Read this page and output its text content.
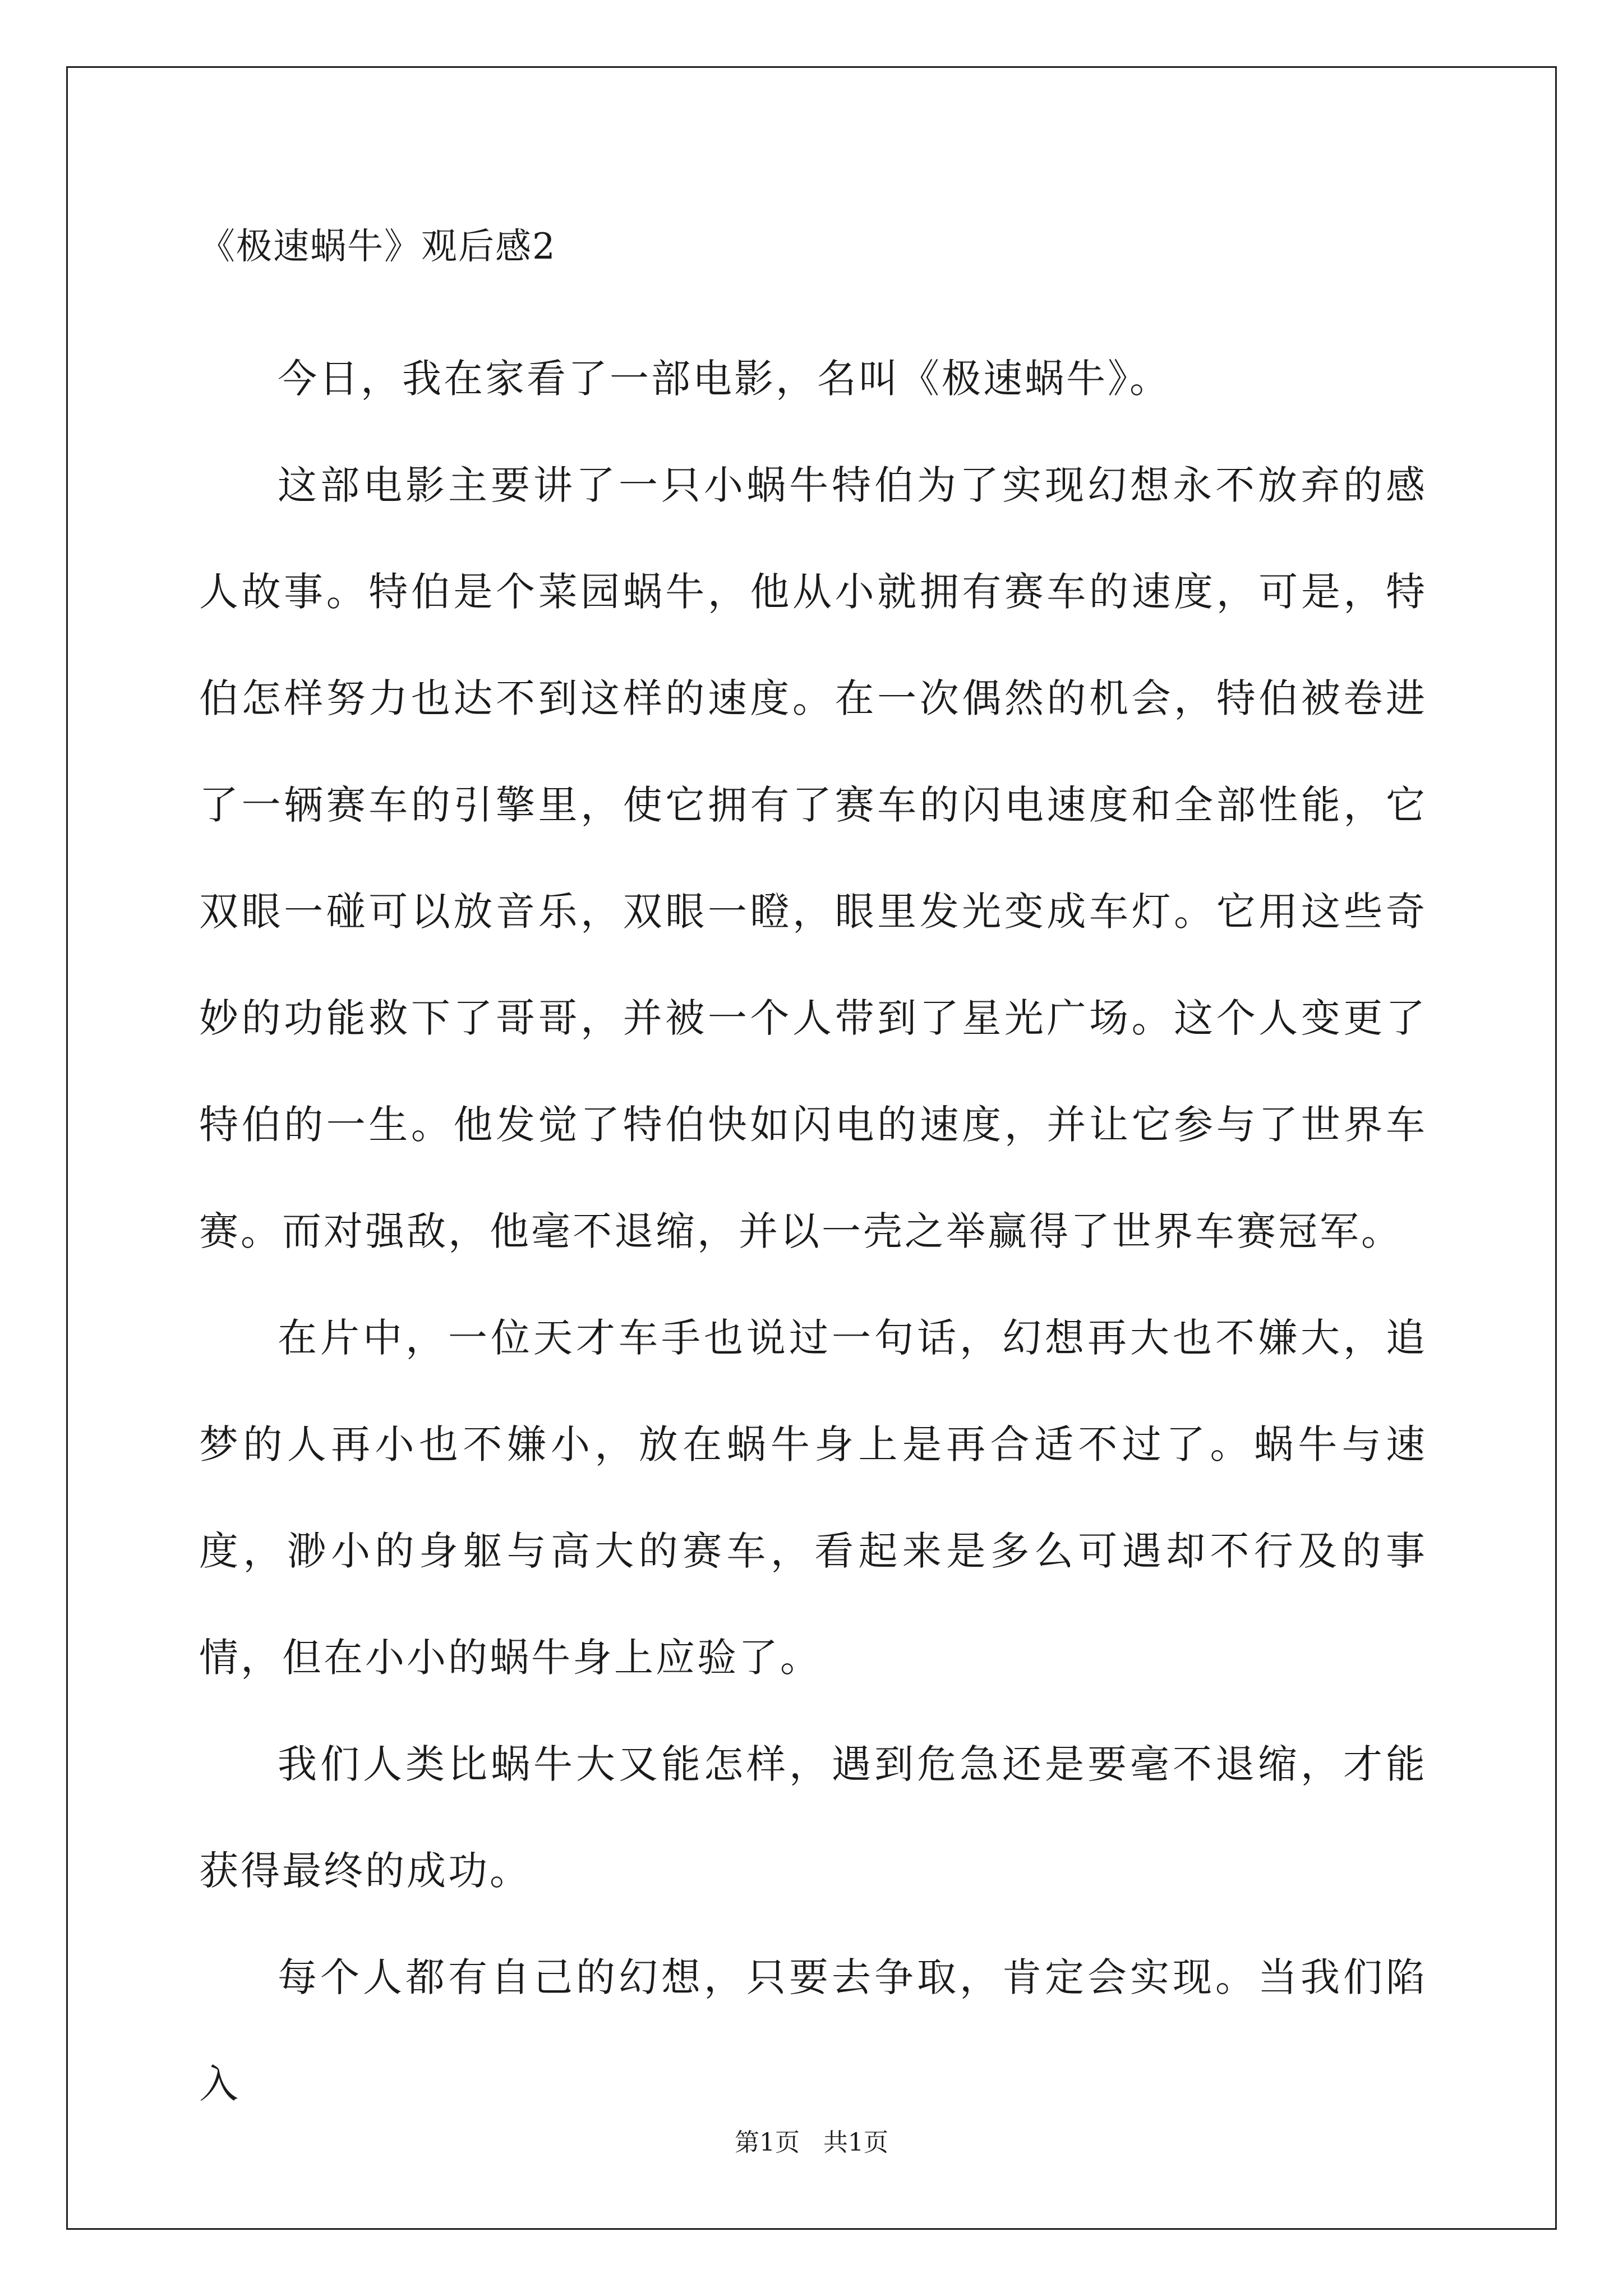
《极速蜗牛》观后感2

今日，我在家看了一部电影，名叫《极速蜗牛》。

这部电影主要讲了一只小蜗牛特伯为了实现幻想永不放弃的感人故事。特伯是个菜园蜗牛，他从小就拥有赛车的速度，可是，特伯怎样努力也达不到这样的速度。在一次偶然的机会，特伯被卷进了一辆赛车的引擎里，使它拥有了赛车的闪电速度和全部性能，它双眼一碰可以放音乐，双眼一瞪，眼里发光变成车灯。它用这些奇妙的功能救下了哥哥，并被一个人带到了星光广场。这个人变更了特伯的一生。他发觉了特伯快如闪电的速度，并让它参与了世界车赛。而对强敌，他毫不退缩，并以一壳之举赢得了世界车赛冠军。

在片中，一位天才车手也说过一句话，幻想再大也不嫌大，追梦的人再小也不嫌小，放在蜗牛身上是再合适不过了。蜗牛与速度，渺小的身躯与高大的赛车，看起来是多么可遇却不行及的事情，但在小小的蜗牛身上应验了。

我们人类比蜗牛大又能怎样，遇到危急还是要毫不退缩，才能获得最终的成功。

每个人都有自己的幻想，只要去争取，肯定会实现。当我们陷入

第1页   共1页
